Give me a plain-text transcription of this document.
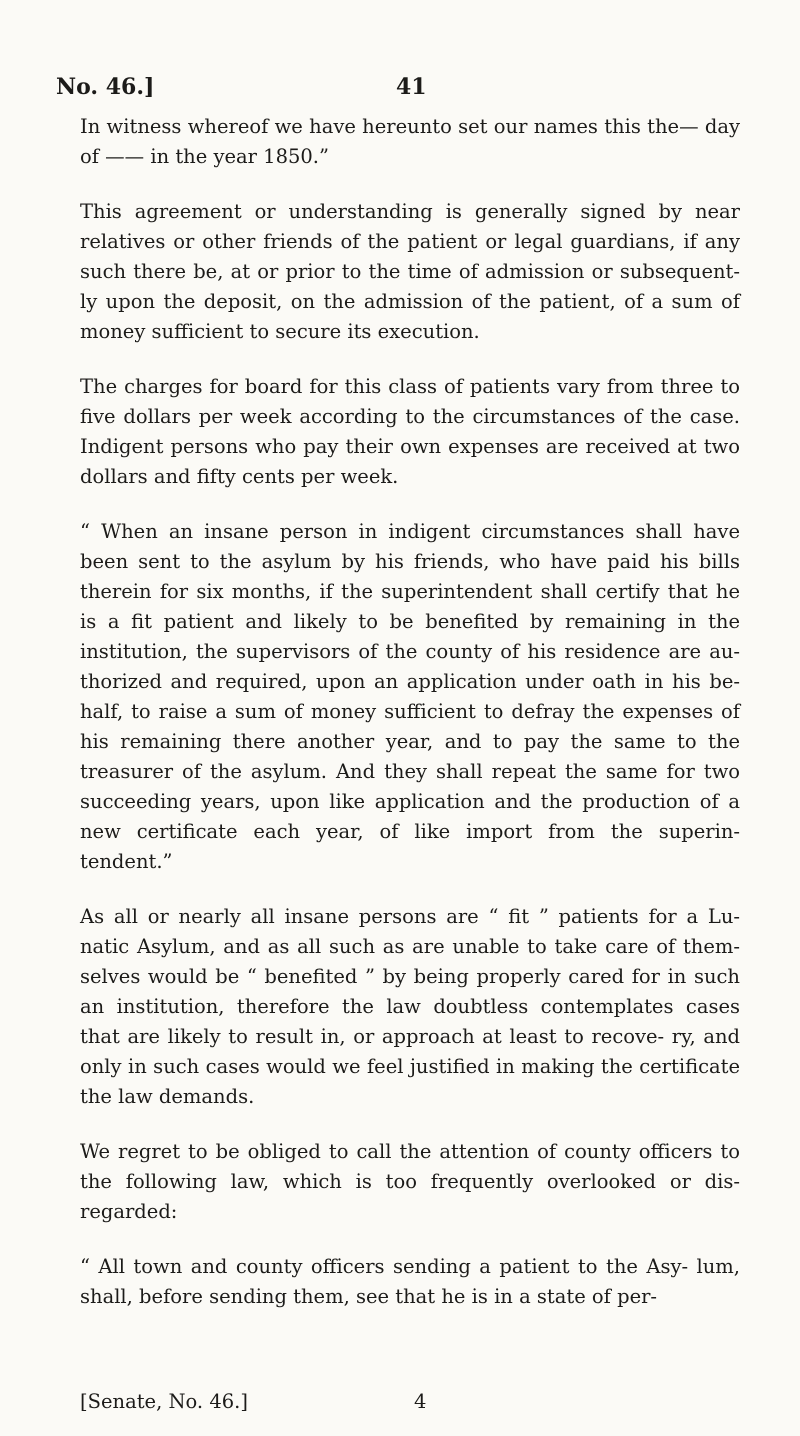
No. 46.]	41

In witness whereof we have hereunto set our names this the— day of —— in the year 1850.”

This agreement or understanding is generally signed by near relatives or other friends of the patient or legal guardians, if any such there be, at or prior to the time of admission or subsequent- ly upon the deposit, on the admission of the patient, of a sum of money sufficient to secure its execution.

The charges for board for this class of patients vary from three to five dollars per week according to the circumstances of the case. Indigent persons who pay their own expenses are received at two dollars and fifty cents per week.

“ When an insane person in indigent circumstances shall have been sent to the asylum by his friends, who have paid his bills therein for six months, if the superintendent shall certify that he is a fit patient and likely to be benefited by remaining in the institution, the supervisors of the county of his residence are au- thorized and required, upon an application under oath in his be- half, to raise a sum of money sufficient to defray the expenses of his remaining there another year, and to pay the same to the treasurer of the asylum. And they shall repeat the same for two succeeding years, upon like application and the production of a new certificate each year, of like import from the superin- tendent.”

As all or nearly all insane persons are “ fit ” patients for a Lu- natic Asylum, and as all such as are unable to take care of them- selves would be “ benefited ” by being properly cared for in such an institution, therefore the law doubtless contemplates cases that are likely to result in, or approach at least to recove- ry, and only in such cases would we feel justified in making the certificate the law demands.

We regret to be obliged to call the attention of county officers to the following law, which is too frequently overlooked or dis- regarded:

“ All town and county officers sending a patient to the Asy- lum, shall, before sending them, see that he is in a state of per-

[Senate, No. 46.]	4
